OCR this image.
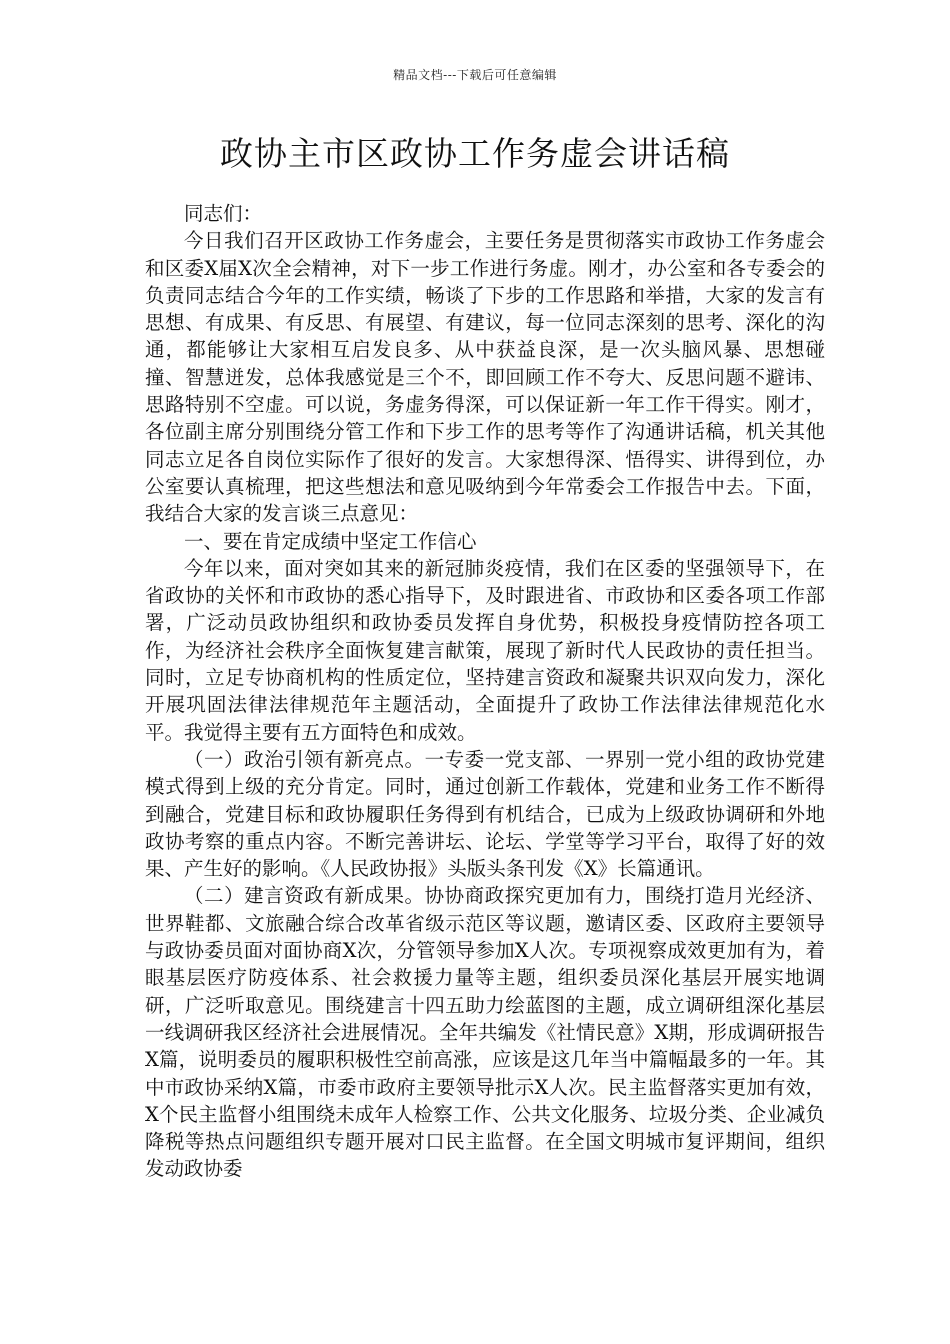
精品文档---下载后可任意编辑
政协主市区政协工作务虚会讲话稿

同志们：

今日我们召开区政协工作务虚会，主要任务是贯彻落实市政协工作务虚会和区委X届X次全会精神，对下一步工作进行务虚。刚才，办公室和各专委会的负责同志结合今年的工作实绩，畅谈了下步的工作思路和举措，大家的发言有思想、有成果、有反思、有展望、有建议，每一位同志深刻的思考、深化的沟通，都能够让大家相互启发良多、从中获益良深，是一次头脑风暴、思想碰撞、智慧迸发，总体我感觉是三个不，即回顾工作不夸大、反思问题不避讳、思路特别不空虚。可以说，务虚务得深，可以保证新一年工作干得实。刚才，各位副主席分别围绕分管工作和下步工作的思考等作了沟通讲话稿，机关其他同志立足各自岗位实际作了很好的发言。大家想得深、悟得实、讲得到位，办公室要认真梳理，把这些想法和意见吸纳到今年常委会工作报告中去。下面，我结合大家的发言谈三点意见：

一、要在肯定成绩中坚定工作信心

今年以来，面对突如其来的新冠肺炎疫情，我们在区委的坚强领导下，在省政协的关怀和市政协的悉心指导下，及时跟进省、市政协和区委各项工作部署，广泛动员政协组织和政协委员发挥自身优势，积极投身疫情防控各项工作，为经济社会秩序全面恢复建言献策，展现了新时代人民政协的责任担当。同时，立足专协商机构的性质定位，坚持建言资政和凝聚共识双向发力，深化开展巩固法律法律规范年主题活动，全面提升了政协工作法律法律规范化水平。我觉得主要有五方面特色和成效。

（一）政治引领有新亮点。一专委一党支部、一界别一党小组的政协党建模式得到上级的充分肯定。同时，通过创新工作载体，党建和业务工作不断得到融合，党建目标和政协履职任务得到有机结合，已成为上级政协调研和外地政协考察的重点内容。不断完善讲坛、论坛、学堂等学习平台，取得了好的效果、产生好的影响。《人民政协报》头版头条刊发《X》长篇通讯。

（二）建言资政有新成果。协协商政探究更加有力，围绕打造月光经济、世界鞋都、文旅融合综合改革省级示范区等议题，邀请区委、区政府主要领导与政协委员面对面协商X次，分管领导参加X人次。专项视察成效更加有为，着眼基层医疗防疫体系、社会救援力量等主题，组织委员深化基层开展实地调研，广泛听取意见。围绕建言十四五助力绘蓝图的主题，成立调研组深化基层一线调研我区经济社会进展情况。全年共编发《社情民意》X期，形成调研报告X篇，说明委员的履职积极性空前高涨，应该是这几年当中篇幅最多的一年。其中市政协采纳X篇，市委市政府主要领导批示X人次。民主监督落实更加有效，X个民主监督小组围绕未成年人检察工作、公共文化服务、垃圾分类、企业减负降税等热点问题组织专题开展对口民主监督。在全国文明城市复评期间，组织发动政协委
